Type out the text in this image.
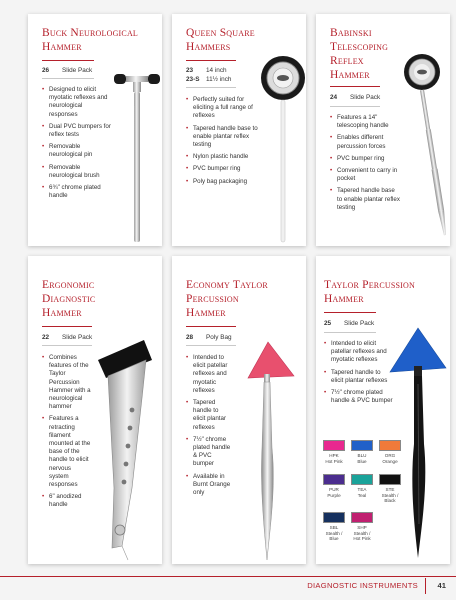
Buck Neurological
Hammer
26 Slide Pack
• Designed to elicit myotatic reflexes and neurological responses
• Dual PVC bumpers for reflex tests
• Removable neurological pin
• Removable neurological brush
• 6¾" chrome plated handle
Queen Square
Hammers
23 14 inch
23-S 11½ inch
• Perfectly suited for eliciting a full range of reflexes
• Tapered handle base to enable plantar reflex testing
• Nylon plastic handle
• PVC bumper ring
• Poly bag packaging
Babinski
Telescoping
Reflex
Hammer
24 Slide Pack
• Features a 14" telescoping handle
• Enables different percussion forces
• PVC bumper ring
• Convenient to carry in pocket
• Tapered handle base to enable plantar reflex testing
Ergonomic
Diagnostic
Hammer
22 Slide Pack
• Combines features of the Taylor Percussion Hammer with a neurological hammer
• Features a retracting filament mounted at the base of the handle to elicit nervous system responses
• 6" anodized handle
Economy Taylor
Percussion
Hammer
28 Poly Bag
• Intended to elicit patellar reflexes and myotatic reflexes
• Tapered handle to elicit plantar reflexes
• 7½" chrome plated handle & PVC bumper
• Available in Burnt Orange only
Taylor Percussion
Hammer
25 Slide Pack
• Intended to elicit patellar reflexes and myotatic reflexes
• Tapered handle to elicit plantar reflexes
• 7½" chrome plated handle & PVC bumper
HPK
Hot Pink
BLU
Blue
ORG
Orange
PUR
Purple
TEA
Teal
STE
Stealth / Black
SBL
Stealth / Blue
SHP
Stealth / Hot Pink
DIAGNOSTIC INSTRUMENTS	41
